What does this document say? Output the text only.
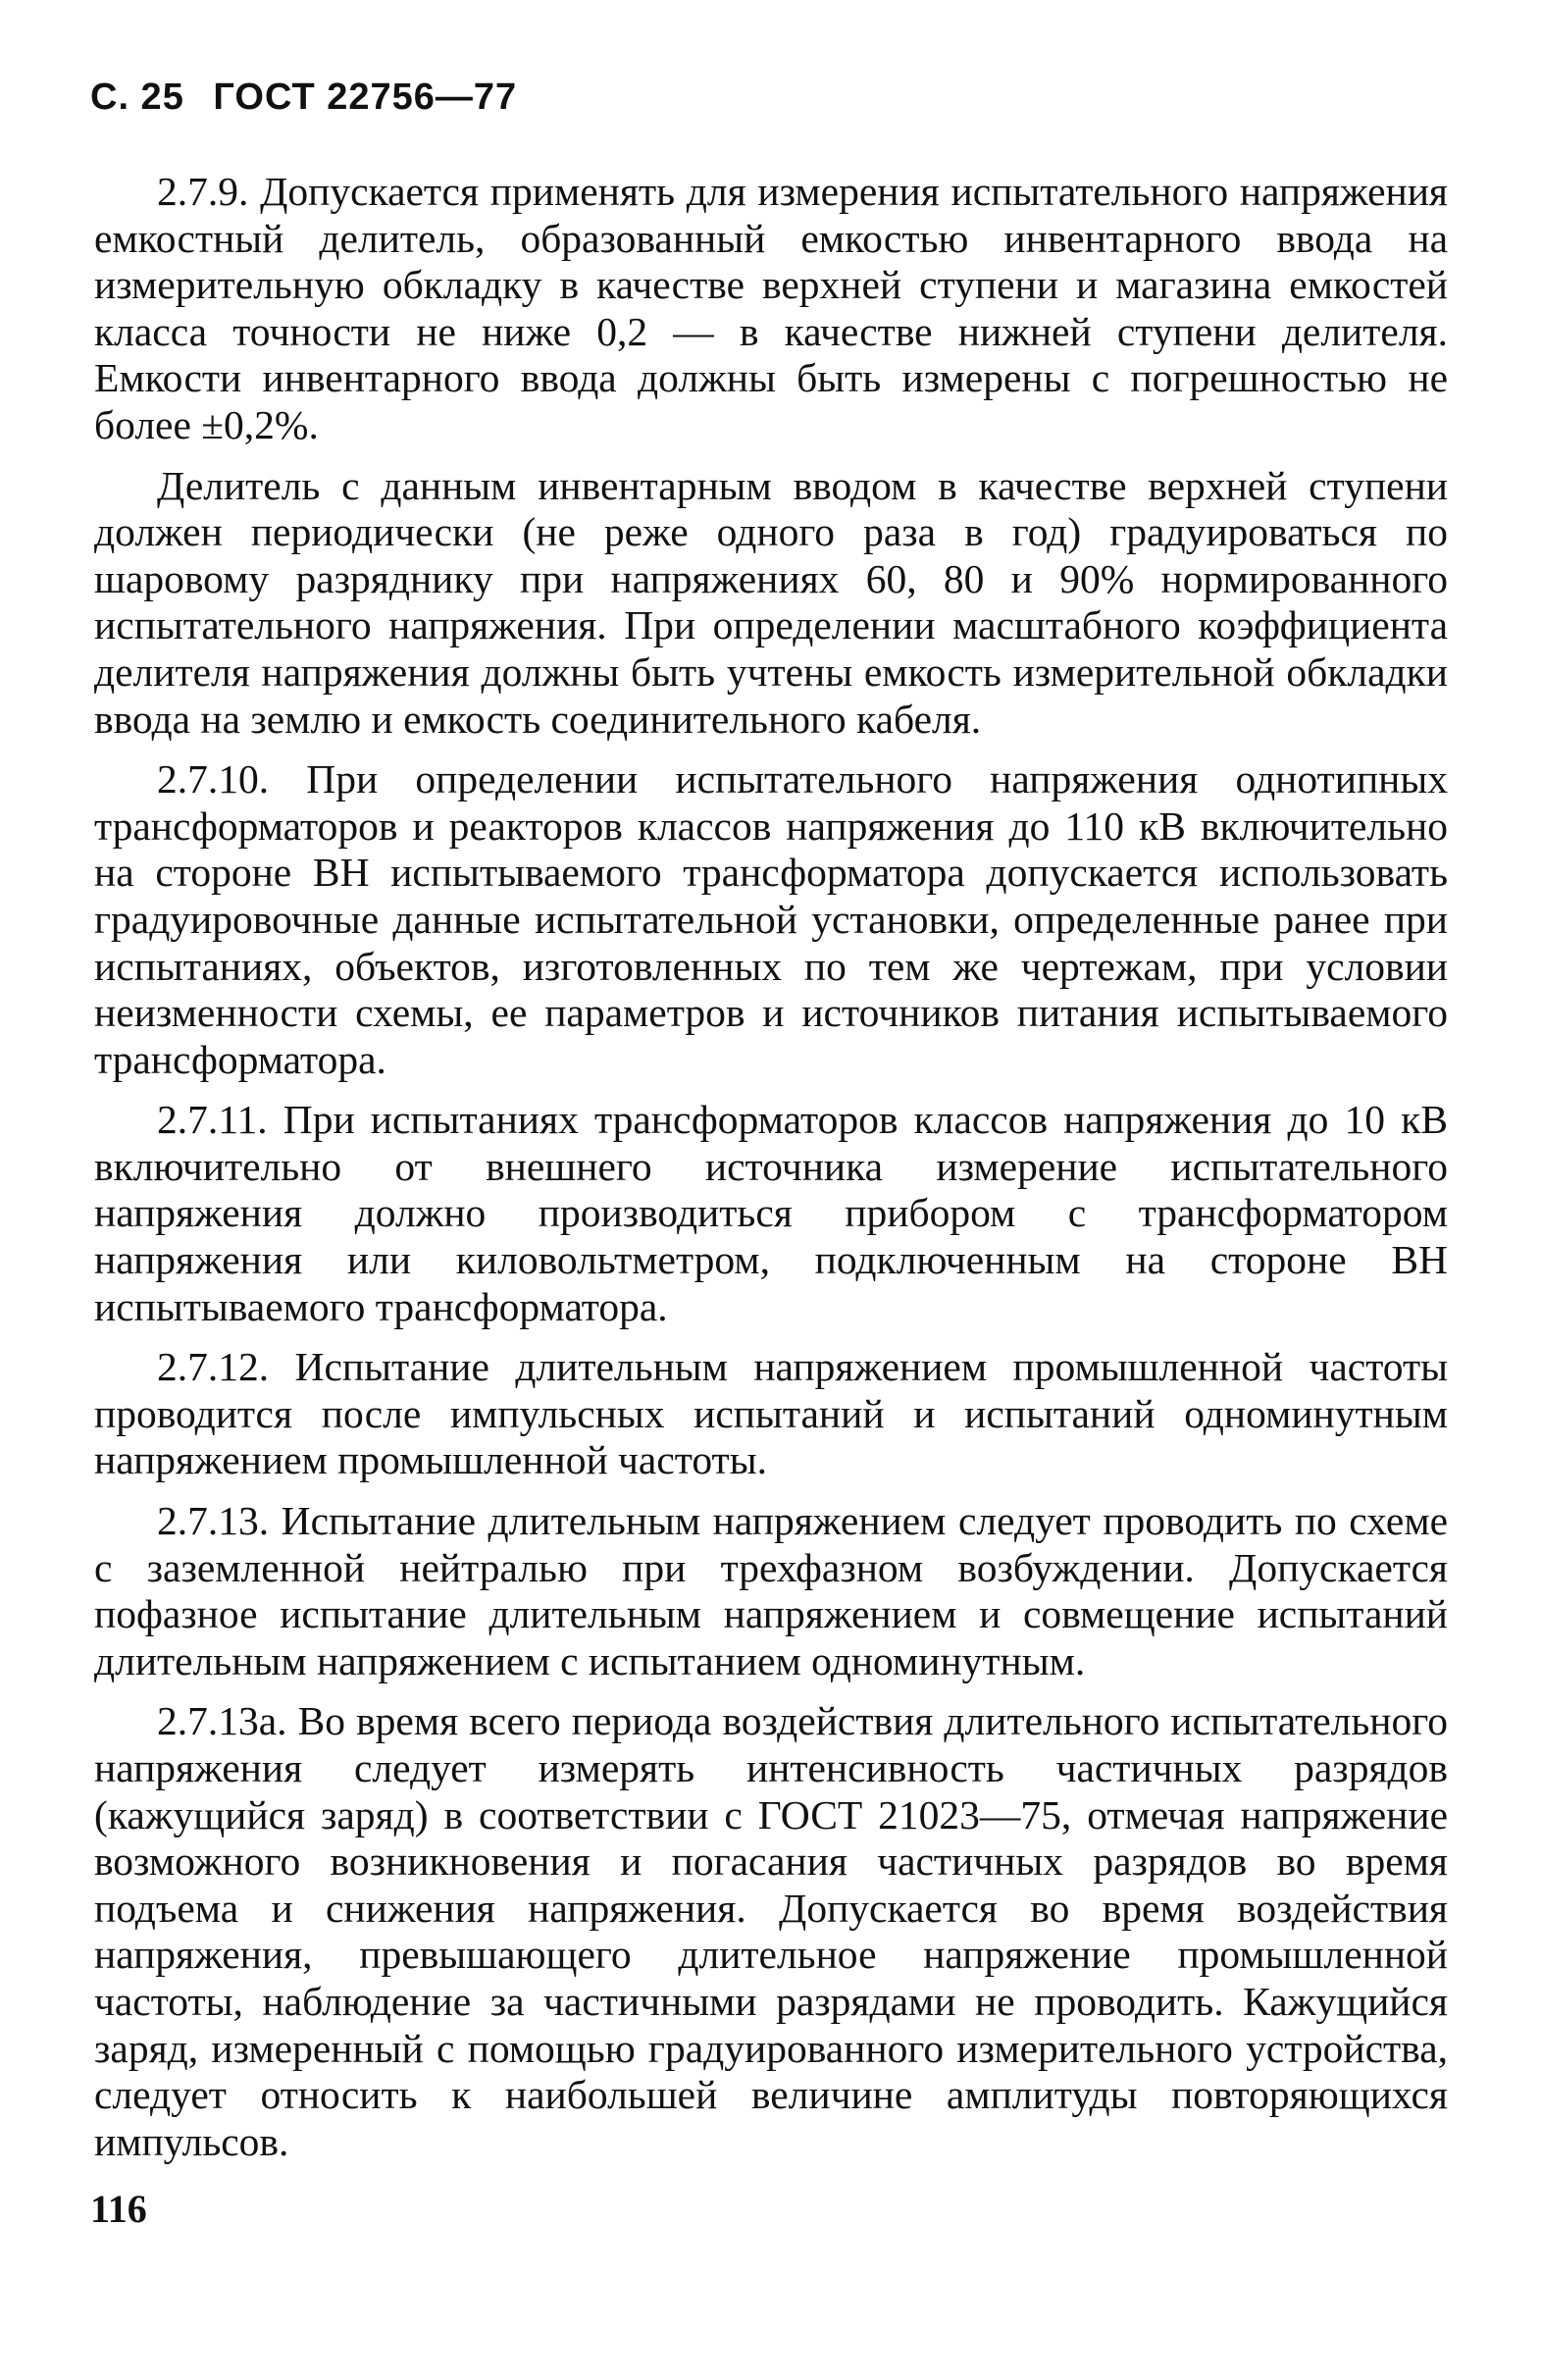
С. 25 ГОСТ 22756—77

2.7.9. Допускается применять для измерения испытательного напряжения емкостный делитель, образованный емкостью инвентарного ввода на измерительную обкладку в качестве верхней ступени и магазина емкостей класса точности не ниже 0,2 — в качестве нижней ступени делителя. Емкости инвентарного ввода должны быть измерены с погрешностью не более ±0,2%.

Делитель с данным инвентарным вводом в качестве верхней ступени должен периодически (не реже одного раза в год) градуироваться по шаровому разряднику при напряжениях 60, 80 и 90% нормированного испытательного напряжения. При определении масштабного коэффициента делителя напряжения должны быть учтены емкость измерительной обкладки ввода на землю и емкость соединительного кабеля.

2.7.10. При определении испытательного напряжения однотипных трансформаторов и реакторов классов напряжения до 110 кВ включительно на стороне ВН испытываемого трансформатора допускается использовать градуировочные данные испытательной установки, определенные ранее при испытаниях, объектов, изготовленных по тем же чертежам, при условии неизменности схемы, ее параметров и источников питания испытываемого трансформатора.

2.7.11. При испытаниях трансформаторов классов напряжения до 10 кВ включительно от внешнего источника измерение испытательного напряжения должно производиться прибором с трансформатором напряжения или киловольтметром, подключенным на стороне ВН испытываемого трансформатора.

2.7.12. Испытание длительным напряжением промышленной частоты проводится после импульсных испытаний и испытаний одноминутным напряжением промышленной частоты.

2.7.13. Испытание длительным напряжением следует проводить по схеме с заземленной нейтралью при трехфазном возбуждении. Допускается пофазное испытание длительным напряжением и совмещение испытаний длительным напряжением с испытанием одноминутным.

2.7.13а. Во время всего периода воздействия длительного испытательного напряжения следует измерять интенсивность частичных разрядов (кажущийся заряд) в соответствии с ГОСТ 21023—75, отмечая напряжение возможного возникновения и погасания частичных разрядов во время подъема и снижения напряжения. Допускается во время воздействия напряжения, превышающего длительное напряжение промышленной частоты, наблюдение за частичными разрядами не проводить. Кажущийся заряд, измеренный с помощью градуированного измерительного устройства, следует относить к наибольшей величине амплитуды повторяющихся импульсов.

116
